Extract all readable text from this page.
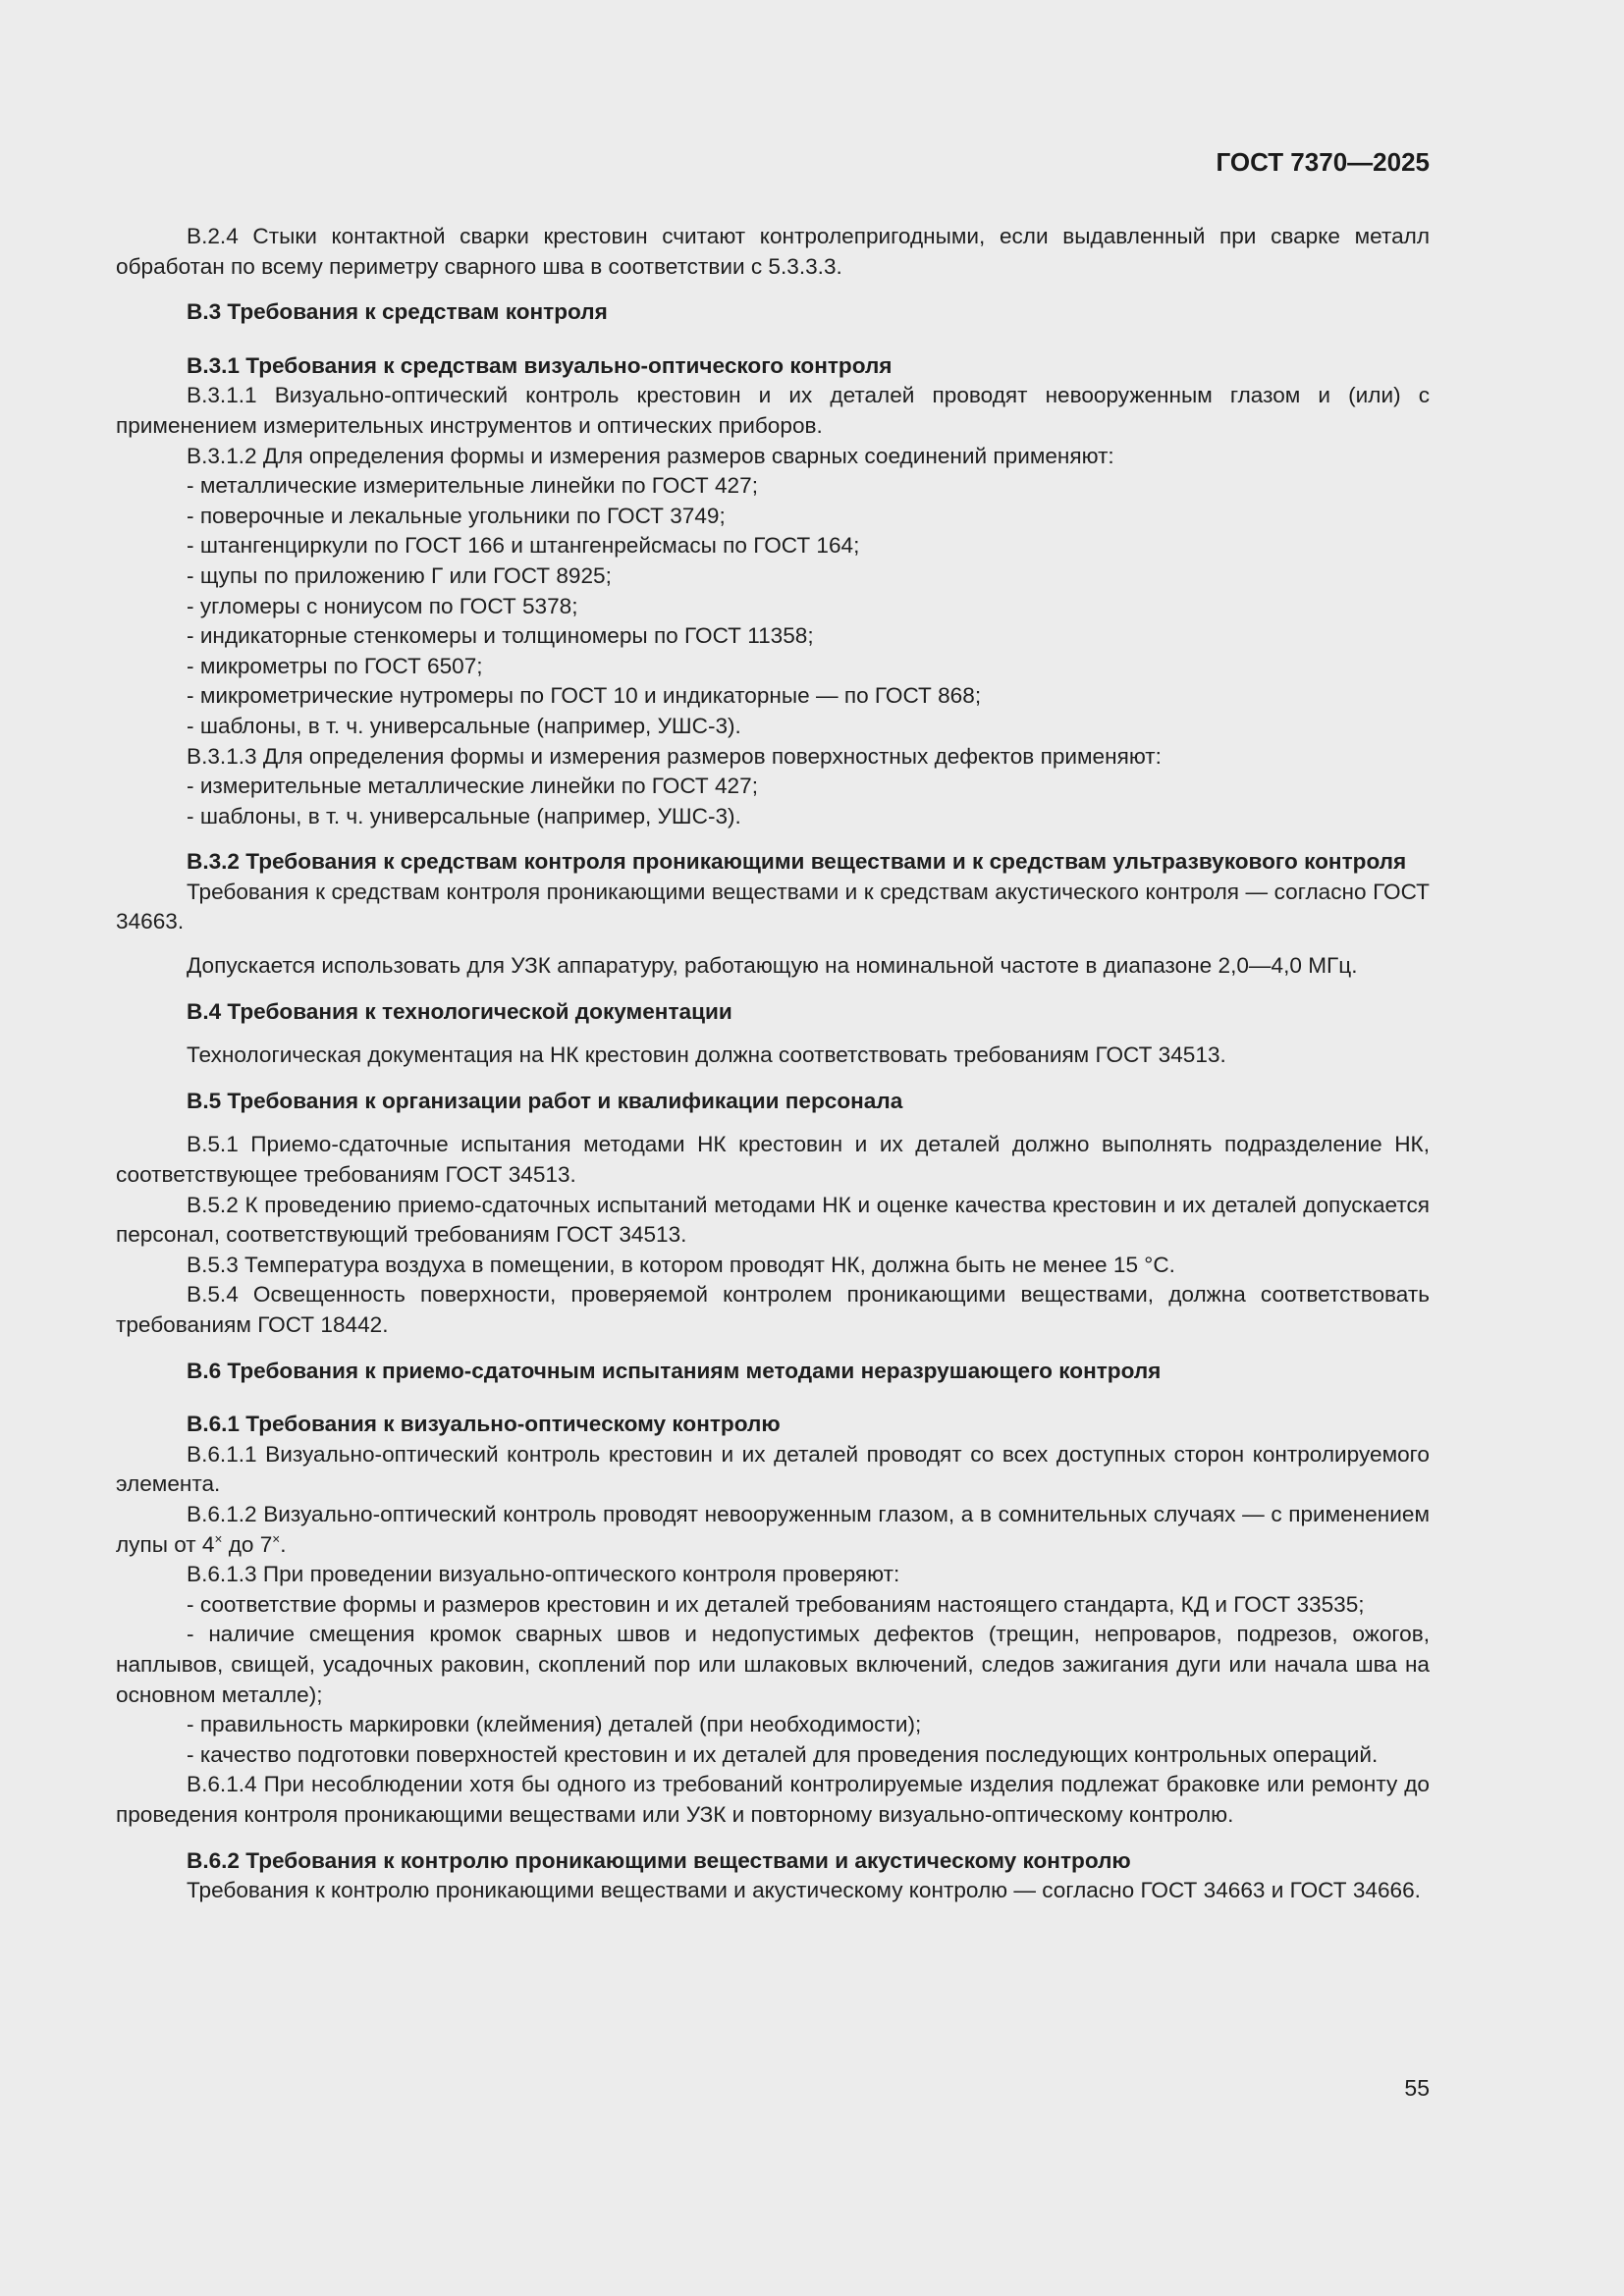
ГОСТ 7370—2025

В.2.4 Стыки контактной сварки крестовин считают контролепригодными, если выдавленный при сварке металл обработан по всему периметру сварного шва в соответствии с 5.3.3.3.

В.3 Требования к средствам контроля

В.3.1 Требования к средствам визуально-оптического контроля

В.3.1.1 Визуально-оптический контроль крестовин и их деталей проводят невооруженным глазом и (или) с применением измерительных инструментов и оптических приборов.

В.3.1.2 Для определения формы и измерения размеров сварных соединений применяют:

- металлические измерительные линейки по ГОСТ 427;
- поверочные и лекальные угольники по ГОСТ 3749;
- штангенциркули по ГОСТ 166 и штангенрейсмасы по ГОСТ 164;
- щупы по приложению Г или ГОСТ 8925;
- угломеры с нониусом по ГОСТ 5378;
- индикаторные стенкомеры и толщиномеры по ГОСТ 11358;
- микрометры по ГОСТ 6507;
- микрометрические нутромеры по ГОСТ 10 и индикаторные — по ГОСТ 868;
- шаблоны, в т. ч. универсальные (например, УШС-3).

В.3.1.3 Для определения формы и измерения размеров поверхностных дефектов применяют:

- измерительные металлические линейки по ГОСТ 427;
- шаблоны, в т. ч. универсальные (например, УШС-3).

В.3.2 Требования к средствам контроля проникающими веществами и к средствам ультразвукового контроля

Требования к средствам контроля проникающими веществами и к средствам акустического контроля — согласно ГОСТ 34663.

Допускается использовать для УЗК аппаратуру, работающую на номинальной частоте в диапазоне 2,0—4,0 МГц.

В.4 Требования к технологической документации

Технологическая документация на НК крестовин должна соответствовать требованиям ГОСТ 34513.

В.5 Требования к организации работ и квалификации персонала

В.5.1 Приемо-сдаточные испытания методами НК крестовин и их деталей должно выполнять подразделение НК, соответствующее требованиям ГОСТ 34513.

В.5.2 К проведению приемо-сдаточных испытаний методами НК и оценке качества крестовин и их деталей допускается персонал, соответствующий требованиям ГОСТ 34513.

В.5.3 Температура воздуха в помещении, в котором проводят НК, должна быть не менее 15 °С.

В.5.4 Освещенность поверхности, проверяемой контролем проникающими веществами, должна соответствовать требованиям ГОСТ 18442.

В.6 Требования к приемо-сдаточным испытаниям методами неразрушающего контроля

В.6.1 Требования к визуально-оптическому контролю

В.6.1.1 Визуально-оптический контроль крестовин и их деталей проводят со всех доступных сторон контролируемого элемента.

В.6.1.2 Визуально-оптический контроль проводят невооруженным глазом, а в сомнительных случаях — с применением лупы от 4× до 7×.

В.6.1.3 При проведении визуально-оптического контроля проверяют:

- соответствие формы и размеров крестовин и их деталей требованиям настоящего стандарта, КД и ГОСТ 33535;
- наличие смещения кромок сварных швов и недопустимых дефектов (трещин, непроваров, подрезов, ожогов, наплывов, свищей, усадочных раковин, скоплений пор или шлаковых включений, следов зажигания дуги или начала шва на основном металле);
- правильность маркировки (клеймения) деталей (при необходимости);
- качество подготовки поверхностей крестовин и их деталей для проведения последующих контрольных операций.

В.6.1.4 При несоблюдении хотя бы одного из требований контролируемые изделия подлежат браковке или ремонту до проведения контроля проникающими веществами или УЗК и повторному визуально-оптическому контролю.

В.6.2 Требования к контролю проникающими веществами и акустическому контролю

Требования к контролю проникающими веществами и акустическому контролю — согласно ГОСТ 34663 и ГОСТ 34666.

55
